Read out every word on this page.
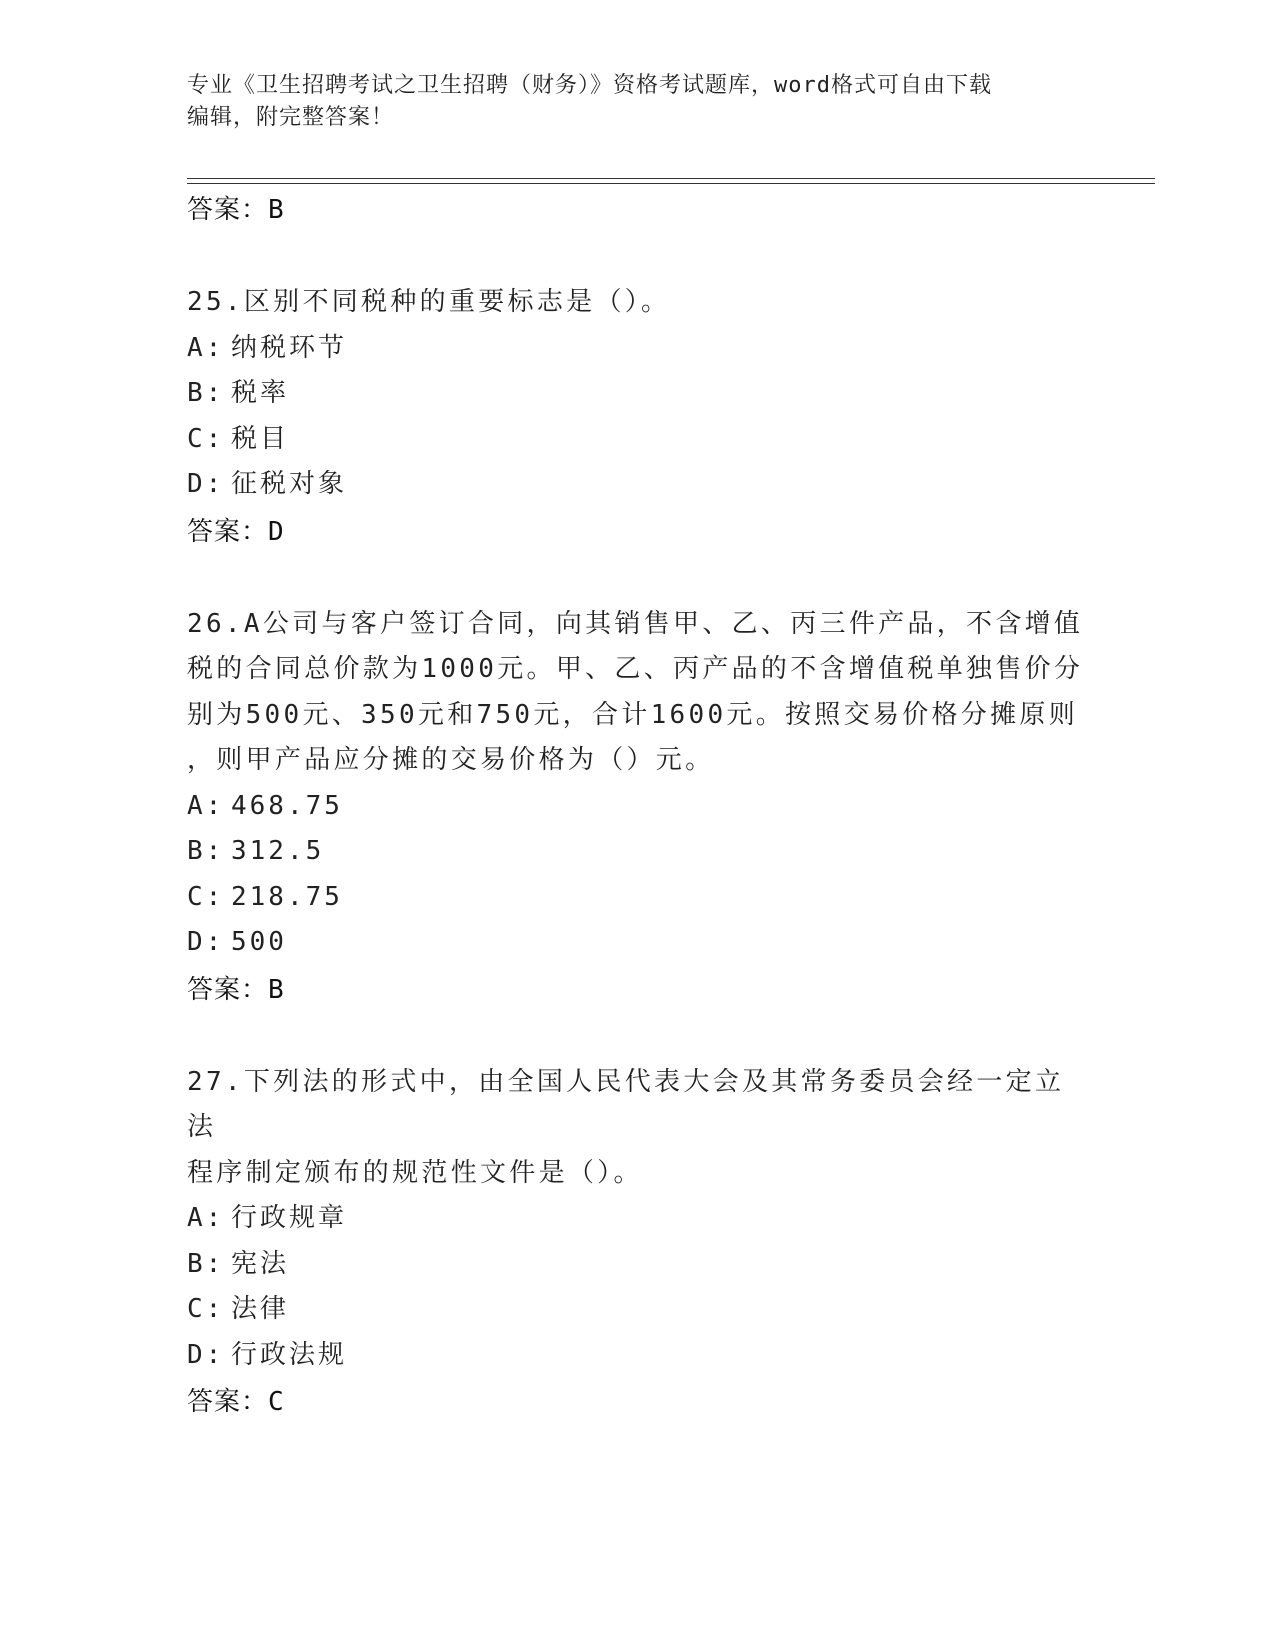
专业《卫生招聘考试之卫生招聘（财务）》资格考试题库，word格式可自由下载
编辑，附完整答案！
答案：B
25.区别不同税种的重要标志是（）。
A: 纳税环节
B: 税率
C: 税目
D: 征税对象
答案：D
26.A公司与客户签订合同，向其销售甲、乙、丙三件产品，不含增值
税的合同总价款为1000元。甲、乙、丙产品的不含增值税单独售价分
别为500元、350元和750元，合计1600元。按照交易价格分摊原则
，则甲产品应分摊的交易价格为（）元。
A: 468.75
B: 312.5
C: 218.75
D: 500
答案：B
27.下列法的形式中，由全国人民代表大会及其常务委员会经一定立法
程序制定颁布的规范性文件是（）。
A: 行政规章
B: 宪法
C: 法律
D: 行政法规
答案：C
